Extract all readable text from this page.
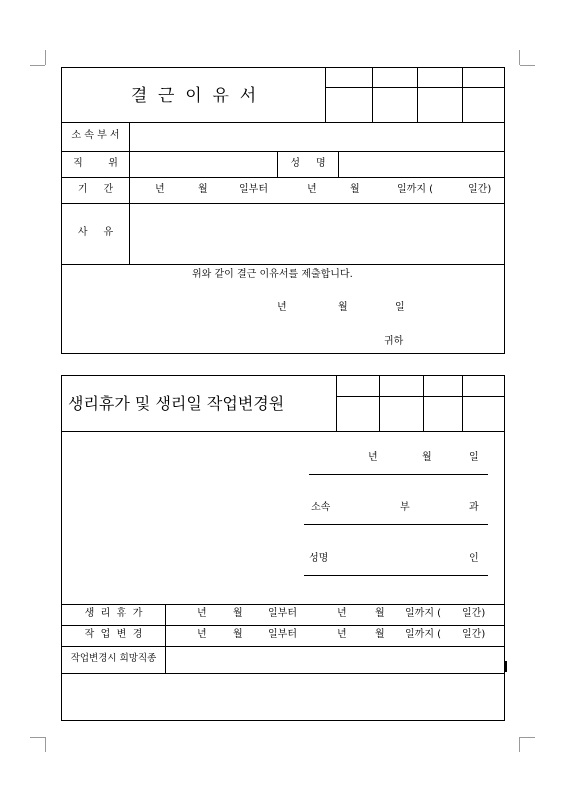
결  근  이  유  서
소 속 부 서
직        위	성     명
기     간	년	월	일부터	년	월	일까지 (	일간)
사     유
위와 같이 결근 이유서를 제출합니다.
년	월	일
귀하
생리휴가 및 생리일 작업변경원
년	월	일
소속	부	과
성명	인
생  리  휴  가	년	월	일부터	년	월 일까지 ( 일간)
작  업  변  경	년	월	일부터	년	월 일까지 ( 일간)
작업변경시 희망직종
